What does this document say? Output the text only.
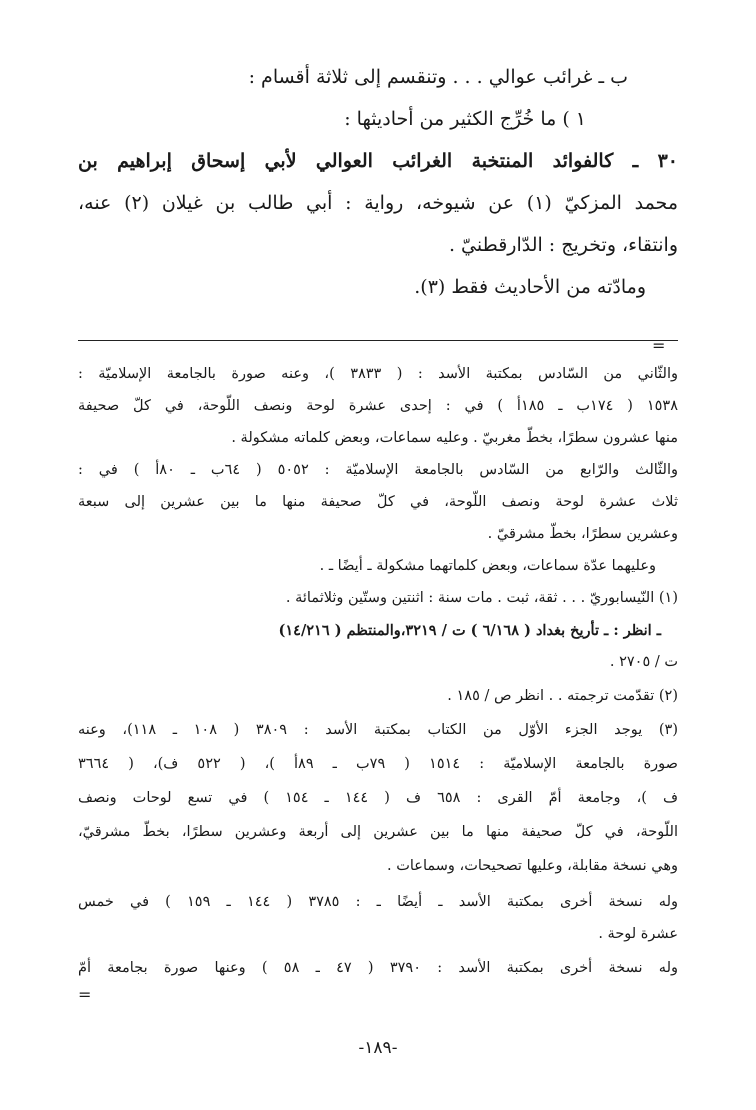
ب ـ غرائب عوالي . . . وتنقسم إلى ثلاثة أقسام :
١ ) ما خُرِّج الكثير من أحاديثها :
٣٠ ـ كالفوائد المنتخبة الغرائب العوالي لأبي إسحاق إبراهيم بن
محمد المزكيّ (١) عن شيوخه، رواية : أبي طالب بن غيلان (٢) عنه،
وانتقاء، وتخريج : الدّارقطنيّ .
ومادّته من الأحاديث فقط (٣).
=
والثّاني من السّادس بمكتبة الأسد : ( ٣٨٣٣ )، وعنه صورة بالجامعة الإسلاميّة :
١٥٣٨ ( ١٧٤ب ـ ١٨٥أ ) في : إحدى عشرة لوحة ونصف اللّوحة، في كلّ صحيفة
منها عشرون سطرًا، بخطّ مغربيّ . وعليه سماعات، وبعض كلماته مشكولة .
والثّالث والرّابع من السّادس بالجامعة الإسلاميّة : ٥٠٥٢ ( ٦٤ب ـ ٨٠أ ) في :
ثلاث عشرة لوحة ونصف اللّوحة، في كلّ صحيفة منها ما بين عشرين إلى سبعة
وعشرين سطرًا، بخطّ مشرقيّ .
وعليهما عدّة سماعات، وبعض كلماتهما مشكولة ـ أيضًا ـ .
(١) النّيسابوريّ . . . ثقة، ثبت . مات سنة : اثنتين وستّين وثلاثمائة .
ـ انظر : ـ تأريخ بغداد ( ٦/١٦٨ ) ت / ٣٢١٩،والمنتظم ( ١٤/٢١٦)
ت / ٢٧٠٥ .
(٢) تقدّمت ترجمته . . انظر ص / ١٨٥ .
(٣) يوجد الجزء الأوّل من الكتاب بمكتبة الأسد : ٣٨٠٩ ( ١٠٨ ـ ١١٨)، وعنه
صورة بالجامعة الإسلاميّة : ١٥١٤ ( ٧٩ب ـ ٨٩أ )، ( ٥٢٢ ف)، ( ٣٦٦٤
ف )، وجامعة أمّ القرى : ٦٥٨ ف ( ١٤٤ ـ ١٥٤ ) في تسع لوحات ونصف
اللّوحة، في كلّ صحيفة منها ما بين عشرين إلى أربعة وعشرين سطرًا، بخطّ مشرقيّ،
وهي نسخة مقابلة، وعليها تصحيحات، وسماعات .
وله نسخة أخرى بمكتبة الأسد ـ أيضًا ـ : ٣٧٨٥ ( ١٤٤ ـ ١٥٩ ) في خمس
عشرة لوحة .
وله نسخة أخرى بمكتبة الأسد : ٣٧٩٠ ( ٤٧ ـ ٥٨ ) وعنها صورة بجامعة أمّ
=
-١٨٩-
